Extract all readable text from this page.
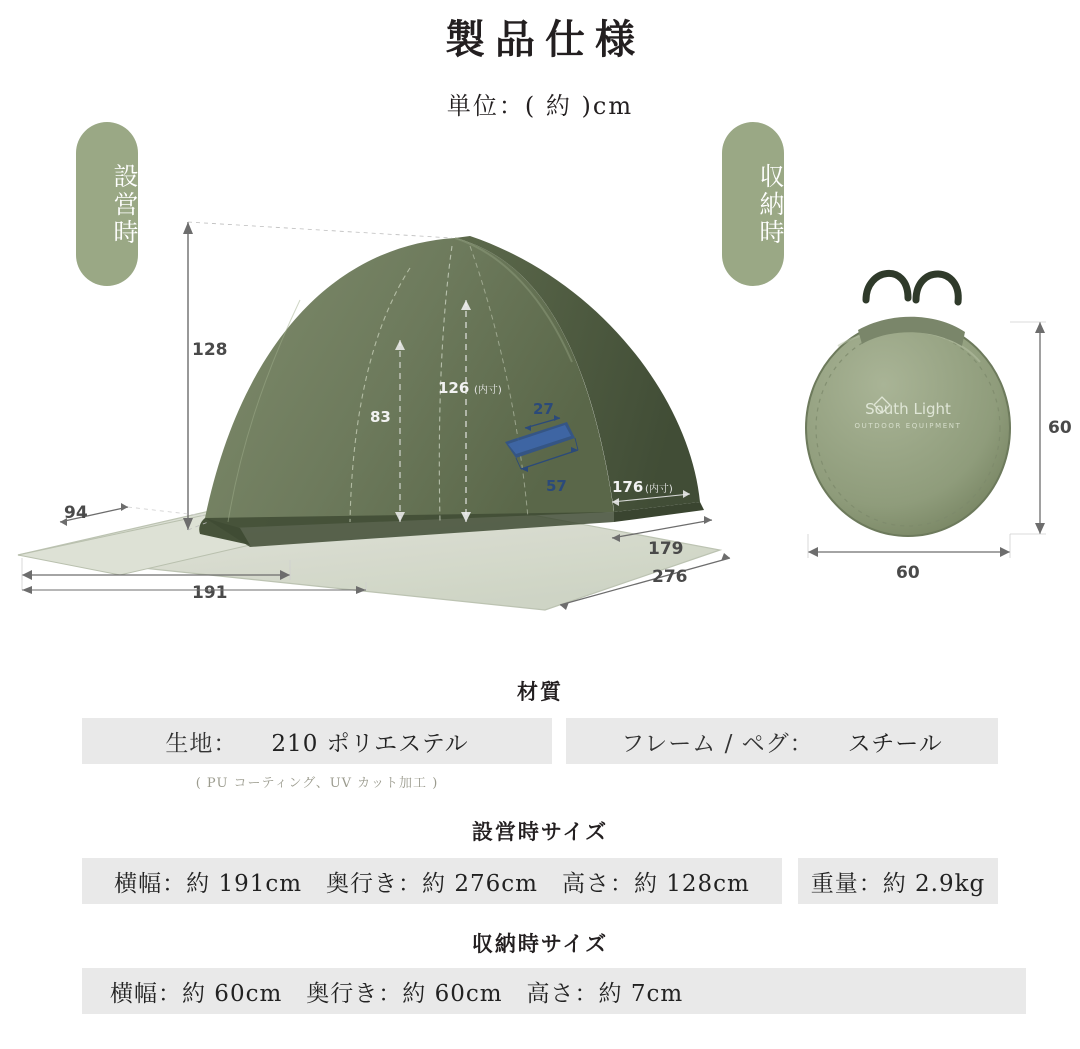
製品仕様
単位：( 約 )cm
設営時	収納時
27
57
126 (内寸)
83
176 (内寸)
128
94
191
179
276
South Light
OUTDOOR EQUIPMENT	60
60
材質
生地： 210 ポリエステル
( PU コーティング、UV カット加工 )
フレーム / ペグ： スチール
設営時サイズ
横幅：約 191cm　奥行き：約 276cm　高さ：約 128cm	重量：約 2.9kg
収納時サイズ
横幅：約 60cm　奥行き：約 60cm　高さ：約 7cm
